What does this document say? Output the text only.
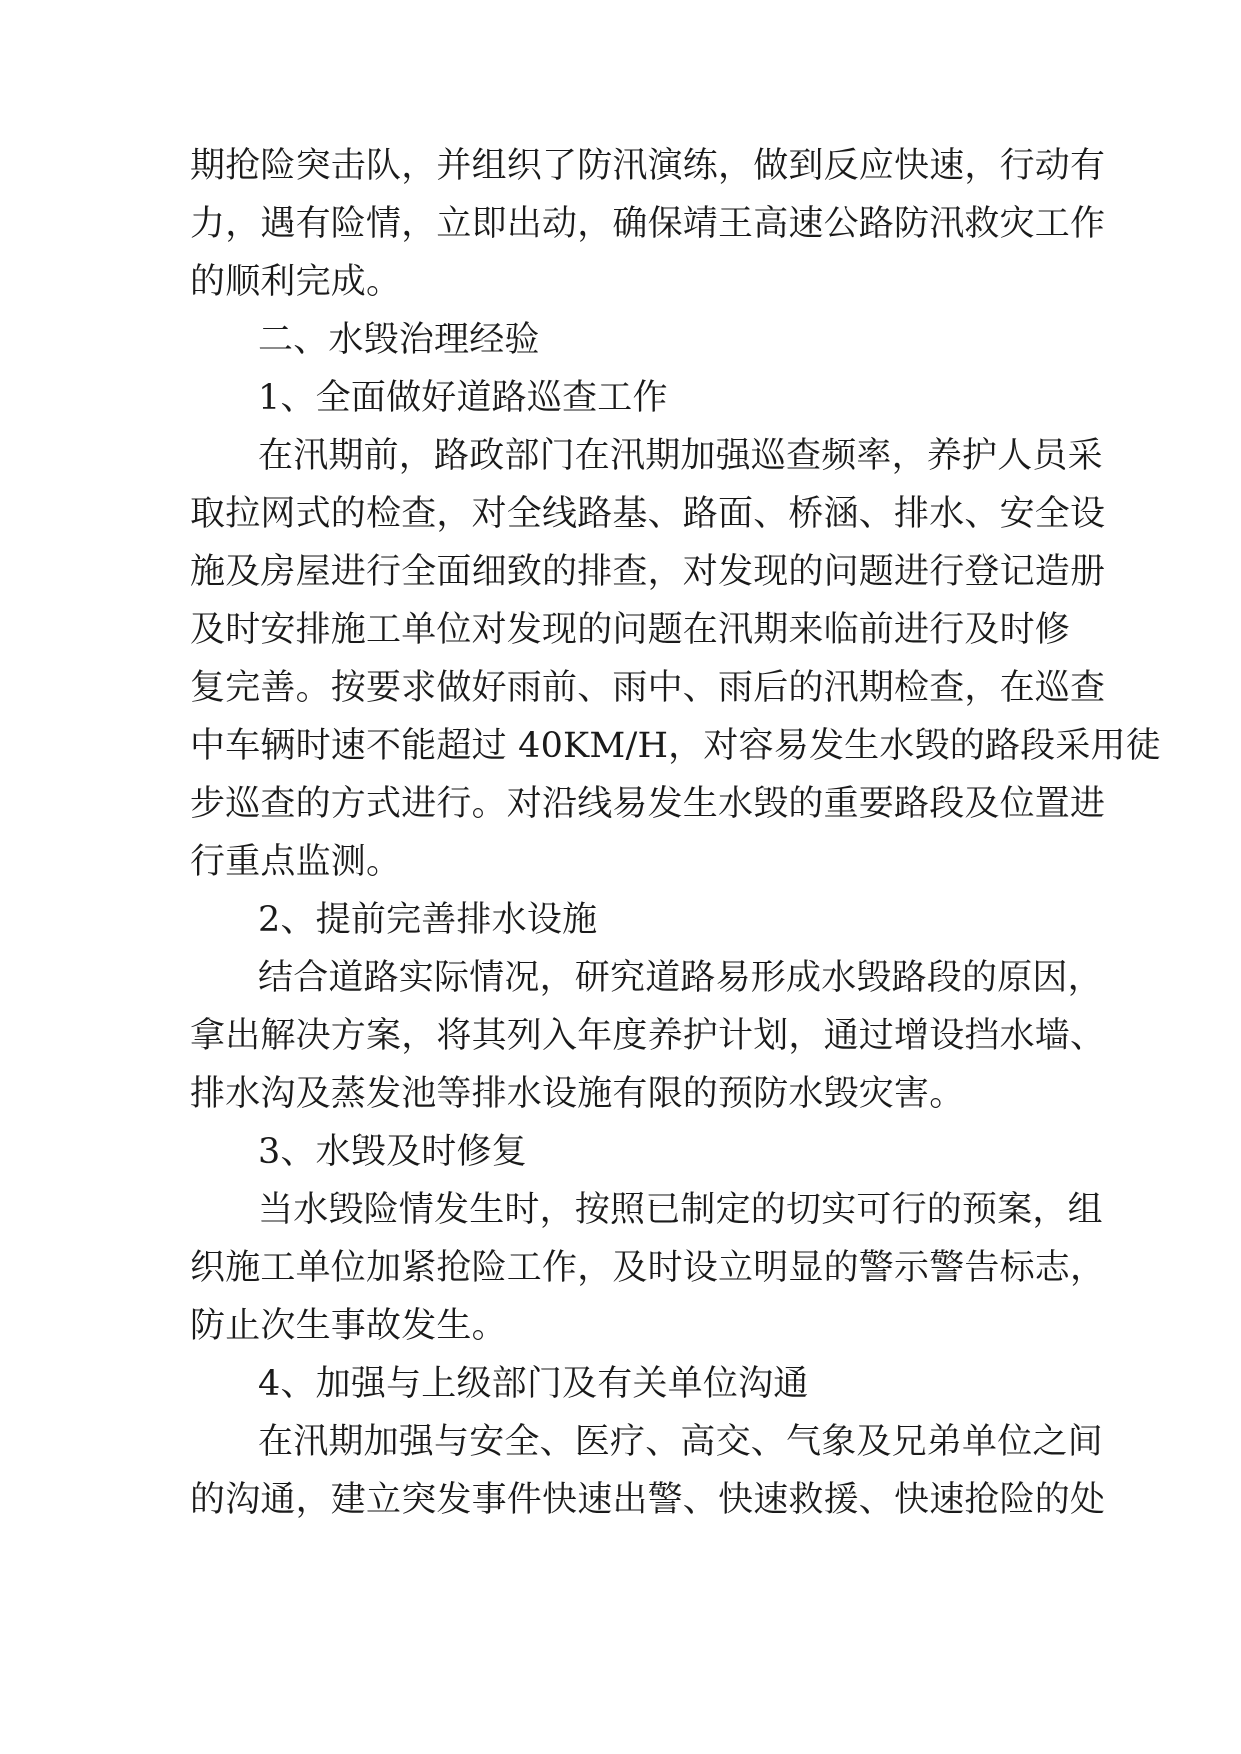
期抢险突击队，并组织了防汛演练，做到反应快速，行动有
力，遇有险情，立即出动，确保靖王高速公路防汛救灾工作
的顺利完成。
二、水毁治理经验
1、全面做好道路巡查工作
在汛期前，路政部门在汛期加强巡查频率，养护人员采
取拉网式的检查，对全线路基、路面、桥涵、排水、安全设
施及房屋进行全面细致的排查，对发现的问题进行登记造册
及时安排施工单位对发现的问题在汛期来临前进行及时修
复完善。按要求做好雨前、雨中、雨后的汛期检查，在巡查
中车辆时速不能超过 40KM/H，对容易发生水毁的路段采用徒
步巡查的方式进行。对沿线易发生水毁的重要路段及位置进
行重点监测。
2、提前完善排水设施
结合道路实际情况，研究道路易形成水毁路段的原因，
拿出解决方案，将其列入年度养护计划，通过增设挡水墙、
排水沟及蒸发池等排水设施有限的预防水毁灾害。
3、水毁及时修复
当水毁险情发生时，按照已制定的切实可行的预案，组
织施工单位加紧抢险工作，及时设立明显的警示警告标志，
防止次生事故发生。
4、加强与上级部门及有关单位沟通
在汛期加强与安全、医疗、高交、气象及兄弟单位之间
的沟通，建立突发事件快速出警、快速救援、快速抢险的处
